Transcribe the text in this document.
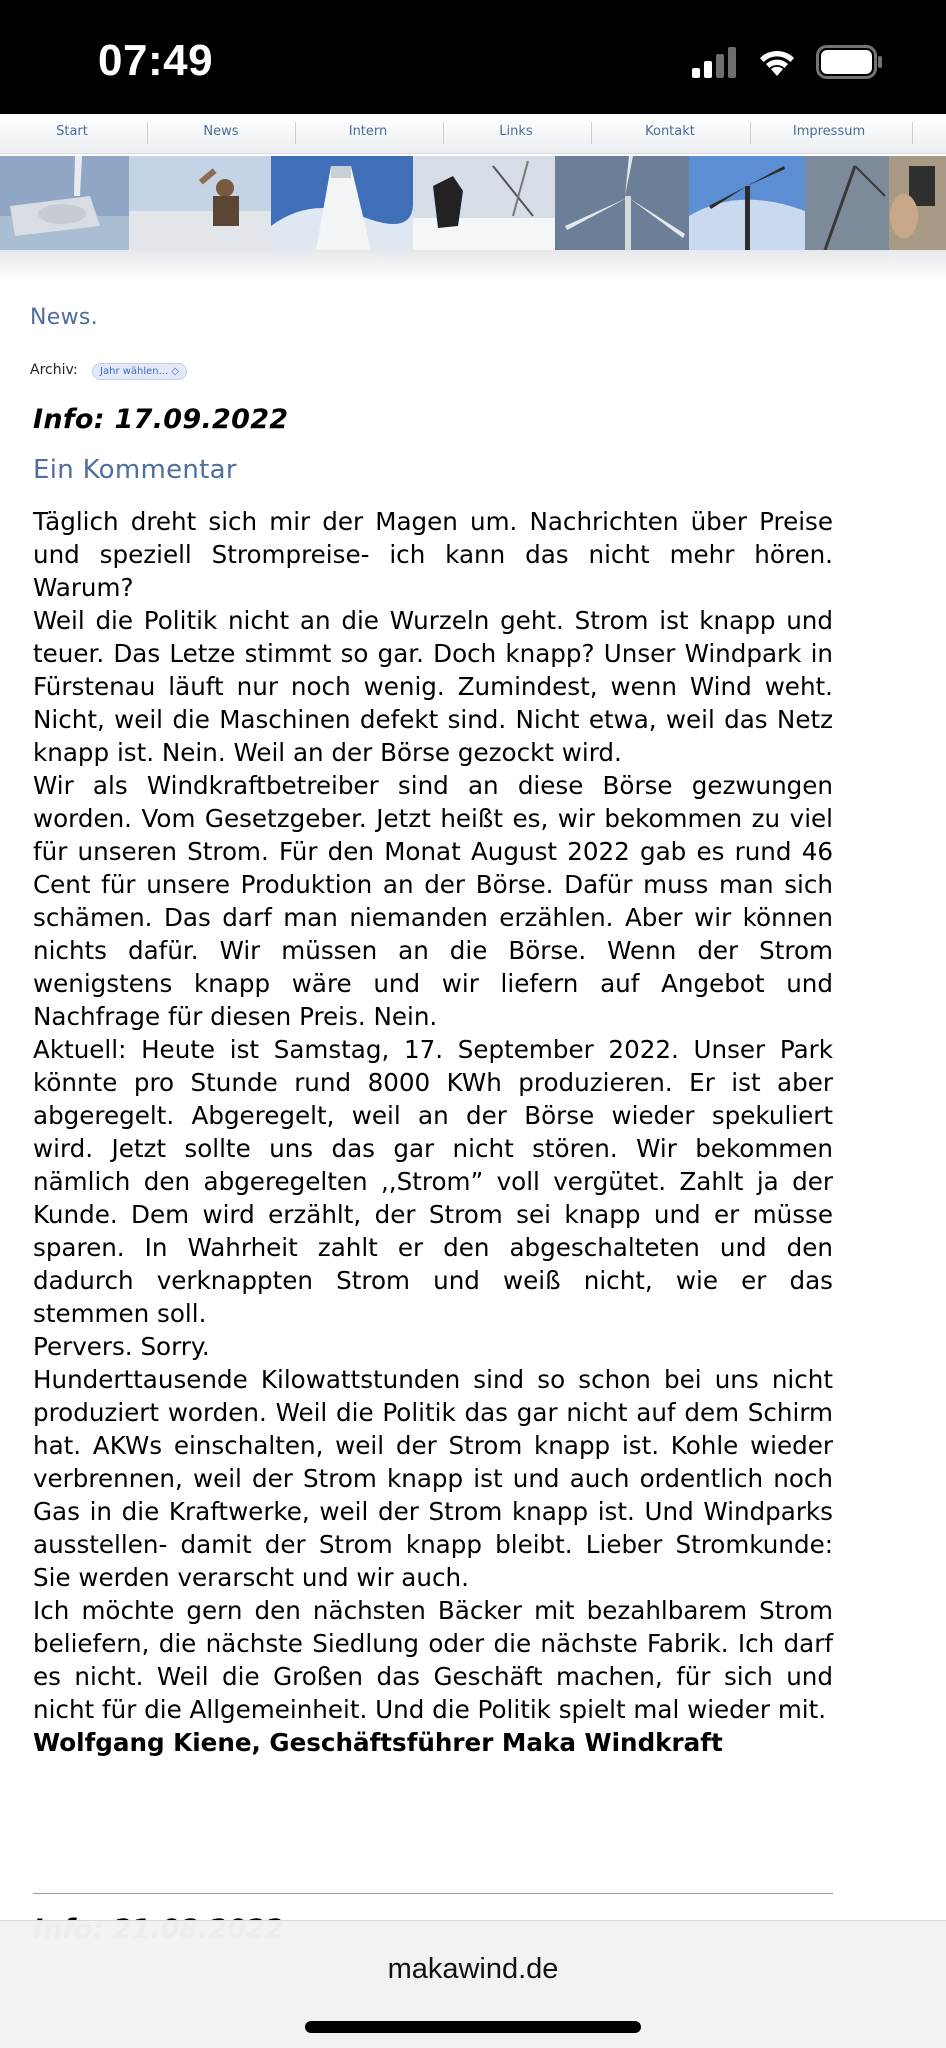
07:49
Start	News	Intern	Links	Kontakt	Impressum
News.
Archiv:	Jahr wählen... ◇
Info: 17.09.2022
Ein Kommentar

Täglich dreht sich mir der Magen um. Nachrichten über Preise und speziell Strompreise- ich kann das nicht mehr hören. Warum?

Weil die Politik nicht an die Wurzeln geht. Strom ist knapp und teuer. Das Letze stimmt so gar. Doch knapp? Unser Windpark in Fürstenau läuft nur noch wenig. Zumindest, wenn Wind weht. Nicht, weil die Maschinen defekt sind. Nicht etwa, weil das Netz knapp ist. Nein. Weil an der Börse gezockt wird.

Wir als Windkraftbetreiber sind an diese Börse gezwungen worden. Vom Gesetzgeber. Jetzt heißt es, wir bekommen zu viel für unseren Strom. Für den Monat August 2022 gab es rund 46 Cent für unsere Produktion an der Börse. Dafür muss man sich schämen. Das darf man niemanden erzählen. Aber wir können nichts dafür. Wir müssen an die Börse. Wenn der Strom wenigstens knapp wäre und wir liefern auf Angebot und Nachfrage für diesen Preis. Nein.

Aktuell: Heute ist Samstag, 17. September 2022. Unser Park könnte pro Stunde rund 8000 KWh produzieren. Er ist aber abgeregelt. Abgeregelt, weil an der Börse wieder spekuliert wird. Jetzt sollte uns das gar nicht stören. Wir bekommen nämlich den abgeregelten ,,Strom” voll vergütet. Zahlt ja der Kunde. Dem wird erzählt, der Strom sei knapp und er müsse sparen. In Wahrheit zahlt er den abgeschalteten und den dadurch verknappten Strom und weiß nicht, wie er das stemmen soll.

Pervers. Sorry.

Hunderttausende Kilowattstunden sind so schon bei uns nicht produziert worden. Weil die Politik das gar nicht auf dem Schirm hat. AKWs einschalten, weil der Strom knapp ist. Kohle wieder verbrennen, weil der Strom knapp ist und auch ordentlich noch Gas in die Kraftwerke, weil der Strom knapp ist. Und Windparks ausstellen- damit der Strom knapp bleibt. Lieber Stromkunde: Sie werden verarscht und wir auch.

Ich möchte gern den nächsten Bäcker mit bezahlbarem Strom beliefern, die nächste Siedlung oder die nächste Fabrik. Ich darf es nicht. Weil die Großen das Geschäft machen, für sich und nicht für die Allgemeinheit. Und die Politik spielt mal wieder mit.

Wolfgang Kiene, Geschäftsführer Maka Windkraft

makawind.de
